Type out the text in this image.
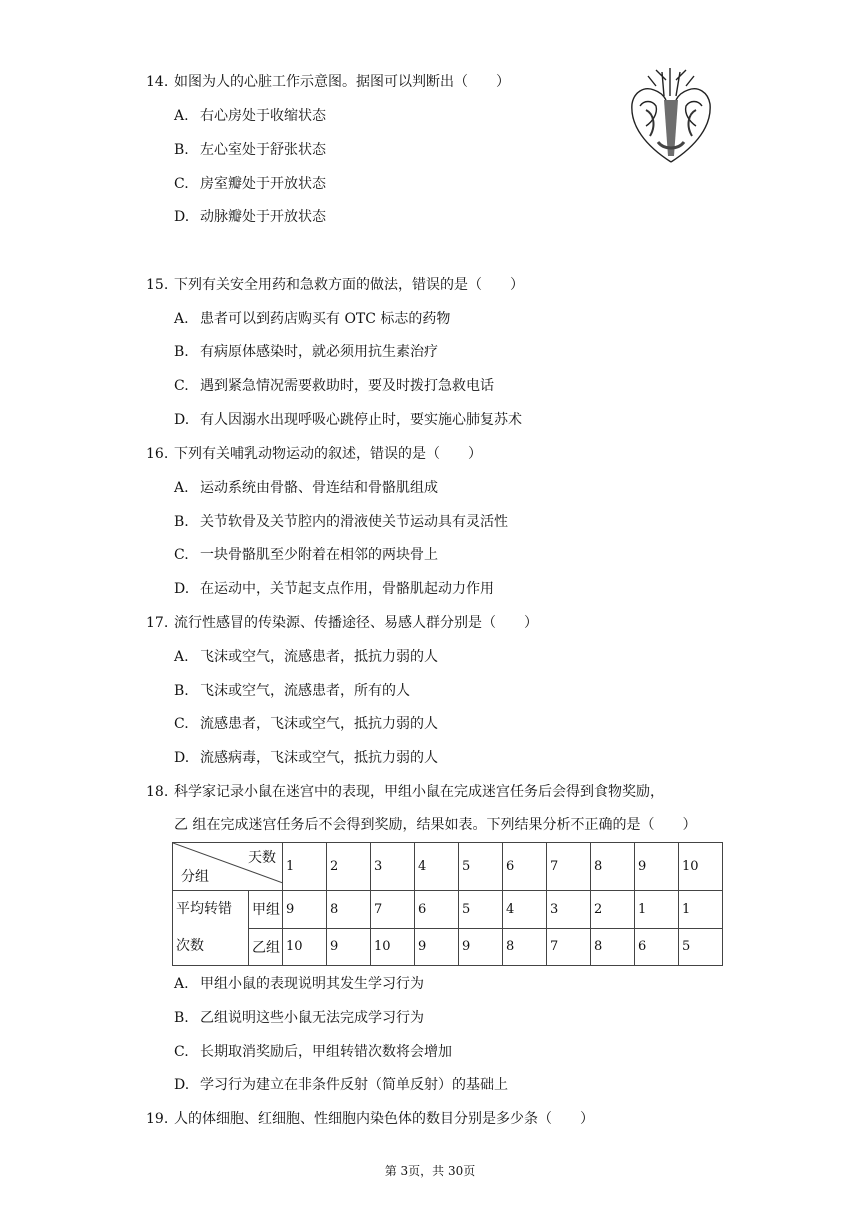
14. 如图为人的心脏工作示意图。据图可以判断出（　　）
A. 右心房处于收缩状态
B. 左心室处于舒张状态
C. 房室瓣处于开放状态
D. 动脉瓣处于开放状态
15. 下列有关安全用药和急救方面的做法，错误的是（　　）
A. 患者可以到药店购买有 OTC 标志的药物
B. 有病原体感染时，就必须用抗生素治疗
C. 遇到紧急情况需要救助时，要及时拨打急救电话
D. 有人因溺水出现呼吸心跳停止时，要实施心肺复苏术
16. 下列有关哺乳动物运动的叙述，错误的是（　　）
A. 运动系统由骨骼、骨连结和骨骼肌组成
B. 关节软骨及关节腔内的滑液使关节运动具有灵活性
C. 一块骨骼肌至少附着在相邻的两块骨上
D. 在运动中，关节起支点作用，骨骼肌起动力作用
17. 流行性感冒的传染源、传播途径、易感人群分别是（　　）
A. 飞沫或空气，流感患者，抵抗力弱的人
B. 飞沫或空气，流感患者，所有的人
C. 流感患者，飞沫或空气，抵抗力弱的人
D. 流感病毒，飞沫或空气，抵抗力弱的人
18. 科学家记录小鼠在迷宫中的表现，甲组小鼠在完成迷宫任务后会得到食物奖励，
乙 组在完成迷宫任务后不会得到奖励，结果如表。下列结果分析不正确的是（　　）
天数
分组		1	2	3	4	5	6	7	8	9	10

平均转错
次数	甲组	9	8	7	6	5	4	3	2	1	1
	乙组	10	9	10	9	9	8	7	8	6	5
A. 甲组小鼠的表现说明其发生学习行为
B. 乙组说明这些小鼠无法完成学习行为
C. 长期取消奖励后，甲组转错次数将会增加
D. 学习行为建立在非条件反射（简单反射）的基础上
19. 人的体细胞、红细胞、性细胞内染色体的数目分别是多少条（　　）
第 3页，共 30页
